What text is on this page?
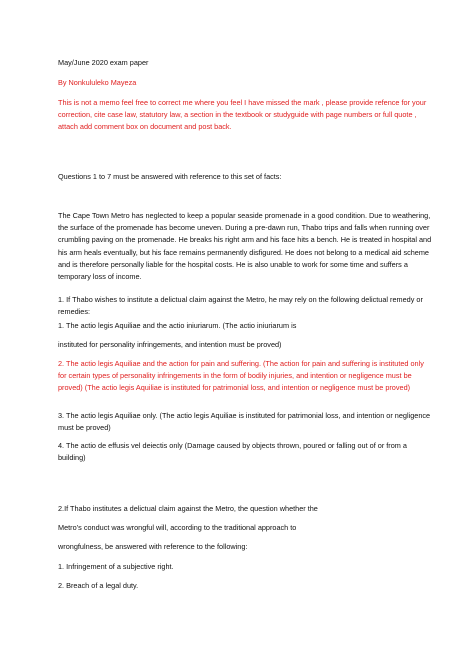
May/June 2020 exam paper

By Nonkululeko Mayeza

This is not a memo feel free to correct me where you feel I have missed the mark , please provide refence for your correction, cite case law, statutory law, a section in the textbook or studyguide with page numbers or full quote , attach add comment box on document and post back.

Questions 1 to 7 must be answered with reference to this set of facts:

The Cape Town Metro has neglected to keep a popular seaside promenade in a good condition. Due to weathering, the surface of the promenade has become uneven. During a pre-dawn run, Thabo trips and falls when running over crumbling paving on the promenade. He breaks his right arm and his face hits a bench. He is treated in hospital and his arm heals eventually, but his face remains permanently disfigured. He does not belong to a medical aid scheme and is therefore personally liable for the hospital costs. He is also unable to work for some time and suffers a temporary loss of income.

1. If Thabo wishes to institute a delictual claim against the Metro, he may rely on the following delictual remedy or remedies:

1. The actio legis Aquiliae and the actio iniuriarum. (The actio iniuriarum is

instituted for personality infringements, and intention must be proved)

2. The actio legis Aquiliae and the action for pain and suffering. (The action for pain and suffering is instituted only for certain types of personality infringements in the form of bodily injuries, and intention or negligence must be proved) (The actio legis Aquiliae is instituted for patrimonial loss, and intention or negligence must be proved)

3. The actio legis Aquiliae only. (The actio legis Aquiliae is instituted for patrimonial loss, and intention or negligence must be proved)

4. The actio de effusis vel deiectis only (Damage caused by objects thrown, poured or falling out of or from a building)

2.If Thabo institutes a delictual claim against the Metro, the question whether the

Metro’s conduct was wrongful will, according to the traditional approach to

wrongfulness, be answered with reference to the following:

1. Infringement of a subjective right.

2. Breach of a legal duty.
